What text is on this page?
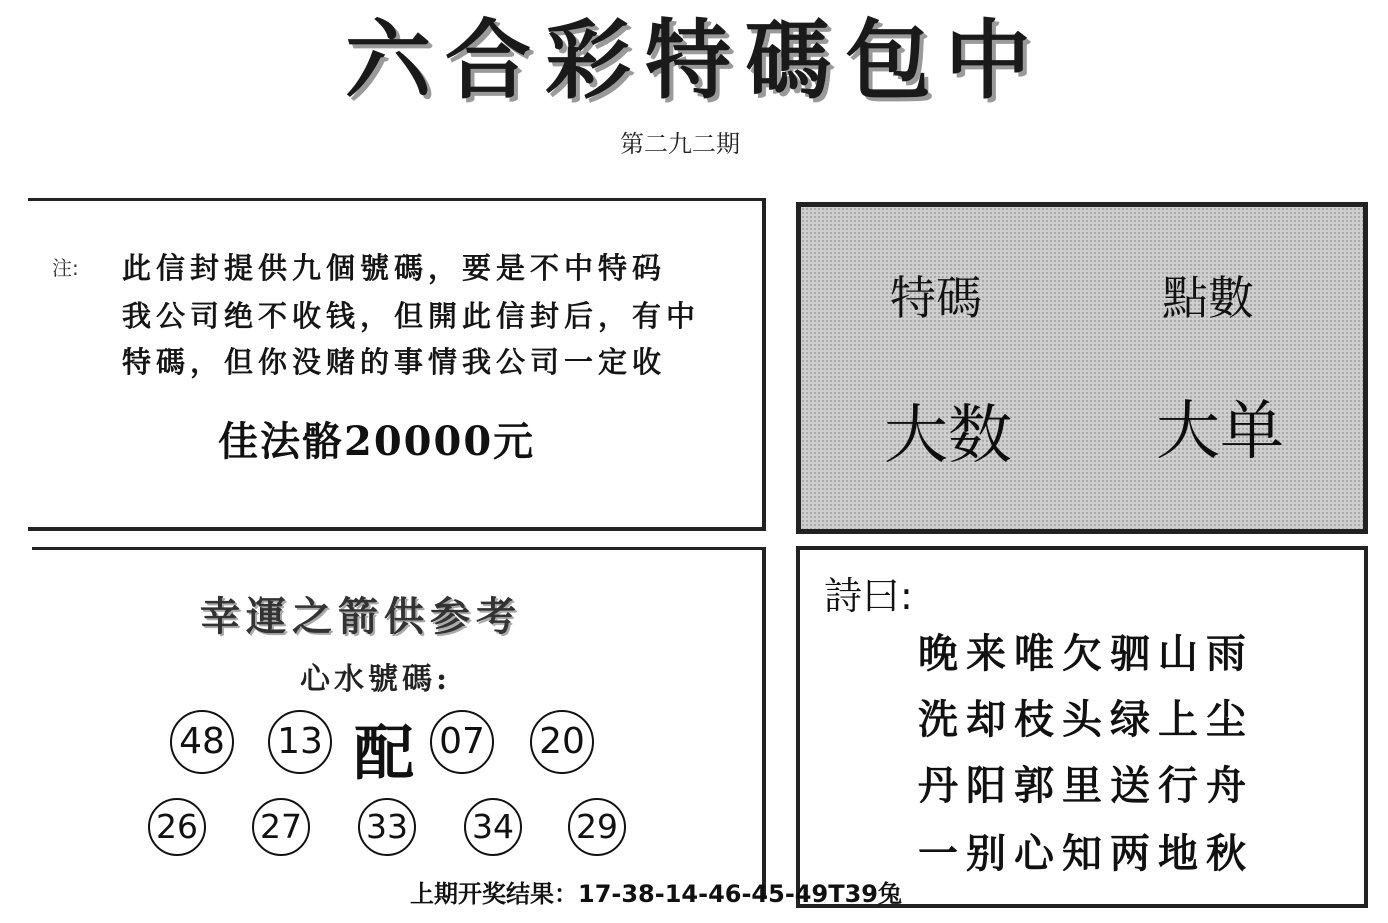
六合彩特碼包中
第二九二期
注: 此信封提供九個號碼，要是不中特码
我公司绝不收钱，但開此信封后，有中
特碼，但你没赌的事情我公司一定收
佳法骼20000元
特碼	點數
大数 大单
幸運之箭供参考
心水號碼:
48 13 配 07 20
26 27 33 34 29
詩曰:
晚来唯欠驷山雨
洗却枝头绿上尘
丹阳郭里送行舟
一别心知两地秋
上期开奖结果：17-38-14-46-45-49T39兔
